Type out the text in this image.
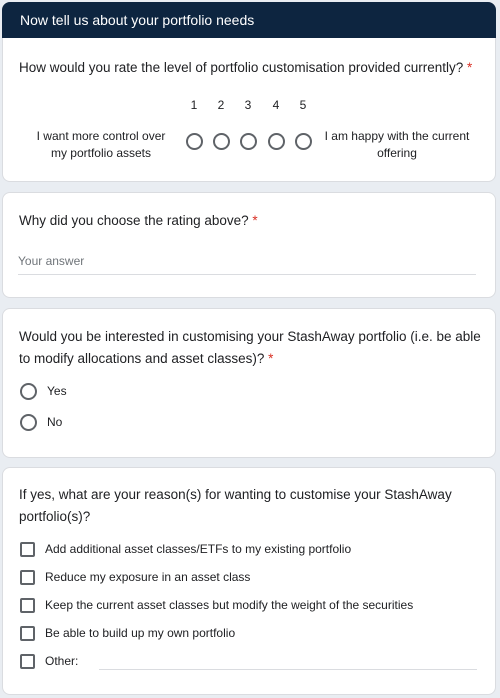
Now tell us about your portfolio needs
How would you rate the level of portfolio customisation provided currently? *
1	2	3	4	5
I want more control over my portfolio assets
I am happy with the current offering
Why did you choose the rating above? *
Your answer
Would you be interested in customising your StashAway portfolio (i.e. be able to modify allocations and asset classes)? *
Yes
No
If yes, what are your reason(s) for wanting to customise your StashAway portfolio(s)?
Add additional asset classes/ETFs to my existing portfolio
Reduce my exposure in an asset class
Keep the current asset classes but modify the weight of the securities
Be able to build up my own portfolio
Other:
